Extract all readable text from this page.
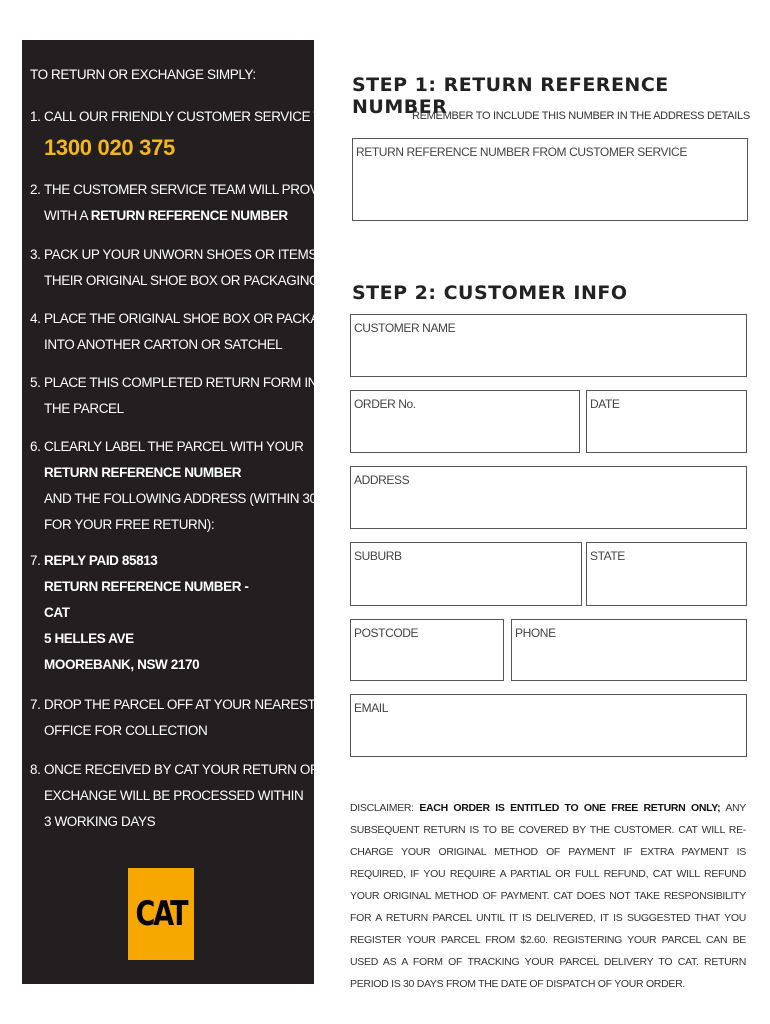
TO RETURN OR EXCHANGE SIMPLY:
1. CALL OUR FRIENDLY CUSTOMER SERVICE TEAM ON:
1300 020 375
2. THE CUSTOMER SERVICE TEAM WILL PROVIDE YOU
WITH A RETURN REFERENCE NUMBER
3. PACK UP YOUR UNWORN SHOES OR ITEMS INTO
THEIR ORIGINAL SHOE BOX OR PACKAGING
4. PLACE THE ORIGINAL SHOE BOX OR PACKAGING
INTO ANOTHER CARTON OR SATCHEL
5. PLACE THIS COMPLETED RETURN FORM INSIDE
THE PARCEL
6. CLEARLY LABEL THE PARCEL WITH YOUR
RETURN REFERENCE NUMBER
AND THE FOLLOWING ADDRESS (WITHIN 30 DAYS
FOR YOUR FREE RETURN):
7. REPLY PAID 85813
RETURN REFERENCE NUMBER -
CAT
5 HELLES AVE
MOOREBANK, NSW 2170
7. DROP THE PARCEL OFF AT YOUR NEAREST POST
OFFICE FOR COLLECTION
8. ONCE RECEIVED BY CAT YOUR RETURN OR
EXCHANGE WILL BE PROCESSED WITHIN
3 WORKING DAYS
CAT
STEP 1: RETURN REFERENCE NUMBER
REMEMBER TO INCLUDE THIS NUMBER IN THE ADDRESS DETAILS
RETURN REFERENCE NUMBER FROM CUSTOMER SERVICE
STEP 2: CUSTOMER INFO
CUSTOMER NAME
ORDER No.	DATE
ADDRESS
SUBURB	STATE
POSTCODE	PHONE
EMAIL
DISCLAIMER: EACH ORDER IS ENTITLED TO ONE FREE RETURN ONLY; ANY SUBSEQUENT RETURN IS TO BE COVERED BY THE CUSTOMER. CAT WILL RE-CHARGE YOUR ORIGINAL METHOD OF PAYMENT IF EXTRA PAYMENT IS REQUIRED, IF YOU REQUIRE A PARTIAL OR FULL REFUND, CAT WILL REFUND YOUR ORIGINAL METHOD OF PAYMENT. CAT DOES NOT TAKE RESPONSIBILITY FOR A RETURN PARCEL UNTIL IT IS DELIVERED, IT IS SUGGESTED THAT YOU REGISTER YOUR PARCEL FROM $2.60. REGISTERING YOUR PARCEL CAN BE USED AS A FORM OF TRACKING YOUR PARCEL DELIVERY TO CAT. RETURN PERIOD IS 30 DAYS FROM THE DATE OF DISPATCH OF YOUR ORDER.
